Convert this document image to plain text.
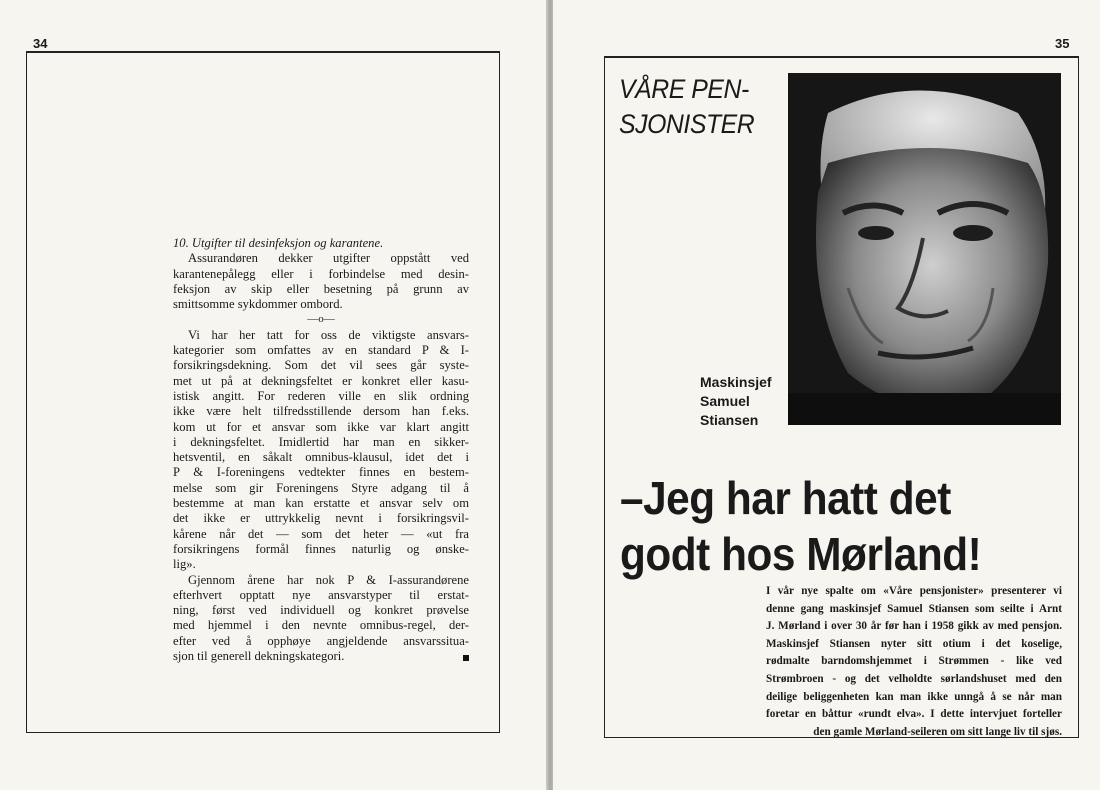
34

10. Utgifter til desinfeksjon og karantene.

Assurandøren dekker utgifter oppstått ved
karantenepålegg eller i forbindelse med desin-
feksjon av skip eller besetning på grunn av
smittsomme sykdommer ombord.

—o—

Vi har her tatt for oss de viktigste ansvars-
kategorier som omfattes av en standard P & I-
forsikringsdekning. Som det vil sees går syste-
met ut på at dekningsfeltet er konkret eller kasu-
istisk angitt. For rederen ville en slik ordning
ikke være helt tilfredsstillende dersom han f.eks.
kom ut for et ansvar som ikke var klart angitt
i dekningsfeltet. Imidlertid har man en sikker-
hetsventil, en såkalt omnibus-klausul, idet det i
P & I-foreningens vedtekter finnes en bestem-
melse som gir Foreningens Styre adgang til å
bestemme at man kan erstatte et ansvar selv om
det ikke er uttrykkelig nevnt i forsikringsvil-
kårene når det — som det heter — «ut fra
forsikringens formål finnes naturlig og ønske-
lig».

Gjennom årene har nok P & I-assurandørene
efterhvert opptatt nye ansvarstyper til erstat-
ning, først ved individuell og konkret prøvelse
med hjemmel i den nevnte omnibus-regel, der-
efter ved å opphøye angjeldende ansvarssitua-
sjon til generell dekningskategori.

35
VÅRE PEN-
SJONISTER
Maskinsjef
Samuel
Stiansen
–Jeg har hatt det
godt hos Mørland!
I vår nye spalte om «Våre pensjonister» presenterer vi
denne gang maskinsjef Samuel Stiansen som seilte i Arnt
J. Mørland i over 30 år før han i 1958 gikk av med pensjon.
Maskinsjef Stiansen nyter sitt otium i det koselige,
rødmalte barndomshjemmet i Strømmen - like ved
Strømbroen - og det velholdte sørlandshuset med den
deilige beliggenheten kan man ikke unngå å se når man
foretar en båttur «rundt elva». I dette intervjuet forteller
den gamle Mørland-seileren om sitt lange liv til sjøs.
